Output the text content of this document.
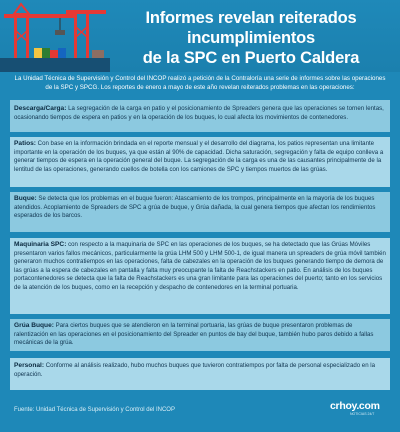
Informes revelan reiterados incumplimientos
de la SPC en Puerto Caldera
La Unidad Técnica de Supervisión y Control del INCOP realizó a petición de la Contraloría una serie de informes sobre las operaciones de la SPC y SPCG. Los reportes de enero a mayo de este año revelan reiterados problemas en las operaciones:
Descarga/Carga: La segregación de la carga en patio y el posicionamiento de Spreaders genera que las operaciones se tornen lentas, ocasionando tiempos de espera en patios y en la operación de los buques, lo cual afecta los movimientos de contenedores.
Patios: Con base en la información brindada en el reporte mensual y el desarrollo del diagrama, los patios representan una limitante importante en la operación de los buques, ya que están al 90% de capacidad. Dicha saturación, segregación y falta de equipo conlleva a generar tiempos de espera en la operación general del buque. La segregación de la carga es una de las causantes principalmente de la lentitud de las operaciones, generando cuellos de botella con los camiones de SPC y tiempos muertos de las grúas.
Buque: Se detecta que los problemas en el buque fueron: Atascamiento de los trompos, principalmente en la mayoría de los buques atendidos. Acoplamiento de Spreaders de SPC a grúa de buque, y Grúa dañada, la cual genera tiempos que afectan los rendimientos esperados de los barcos.
Maquinaria SPC: con respecto a la maquinaria de SPC en las operaciones de los buques, se ha detectado que las Grúas Móviles presentaron varios fallos mecánicos, particularmente la grúa LHM 500 y LHM 500-1, de igual manera un spreaders de grúa móvil también generaron muchos contratiempos en las operaciones, falta de cabezales en la operación de los buques generando tiempo de demora de las grúas a la espera de cabezales en pantalla y falta muy preocupante la falta de Reachstackers en patio. En análisis de los buques portacontenedores se detecta que la falta de Reachstackers es una gran limitante para las operaciones del puerto; tanto en los servicios de la atención de los buques, como en la recepción y despacho de contenedores en la terminal portuaria.
Grúa Buque: Para ciertos buques que se atendieron en la terminal portuaria, las grúas de buque presentaron problemas de ralentización en las operaciones en el posicionamiento del Spreader en puntos de bay del buque, también hubo paros debido a fallas mecánicas de la grúa.
Personal: Conforme al análisis realizado, hubo muchos buques que tuvieron contratiempos por falta de personal especializado en la operación.
Fuente: Unidad Técnica de Supervisión y Control del INCOP	crhoy.com
NOTICIAS 24/7
